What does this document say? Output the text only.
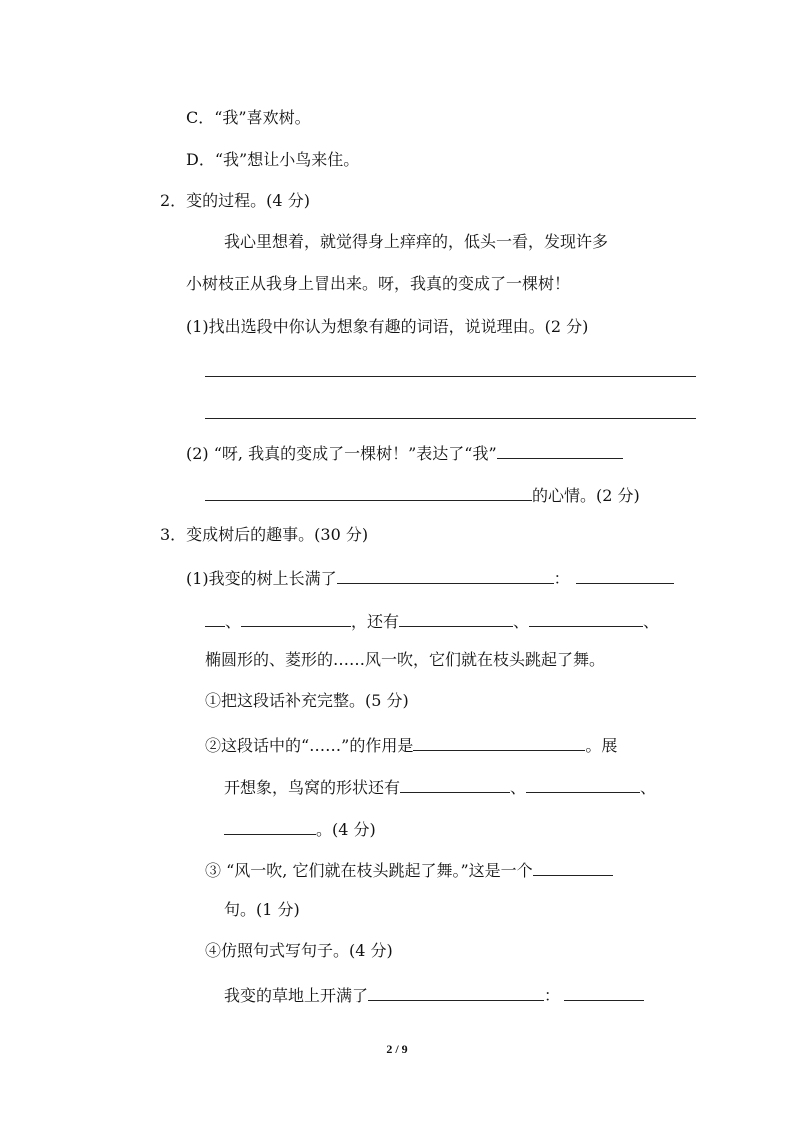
C．“我”喜欢树。
D．“我”想让小鸟来住。
2．变的过程。(4 分)
我心里想着，就觉得身上痒痒的，低头一看，发现许多
小树枝正从我身上冒出来。呀，我真的变成了一棵树！
(1)找出选段中你认为想象有趣的词语，说说理由。(2 分)
(2) “呀, 我真的变成了一棵树！”表达了“我”
的心情。(2 分)
3．变成树后的趣事。(30 分)
(1)我变的树上长满了	：
、	，还有	、	、
椭圆形的、菱形的……风一吹，它们就在枝头跳起了舞。
①把这段话补充完整。(5 分)
②这段话中的“……”的作用是	。展
开想象，鸟窝的形状还有	、	、
。(4 分)
③ “风一吹, 它们就在枝头跳起了舞。”这是一个
句。(1 分)
④仿照句式写句子。(4 分)
我变的草地上开满了	：
2 / 9
